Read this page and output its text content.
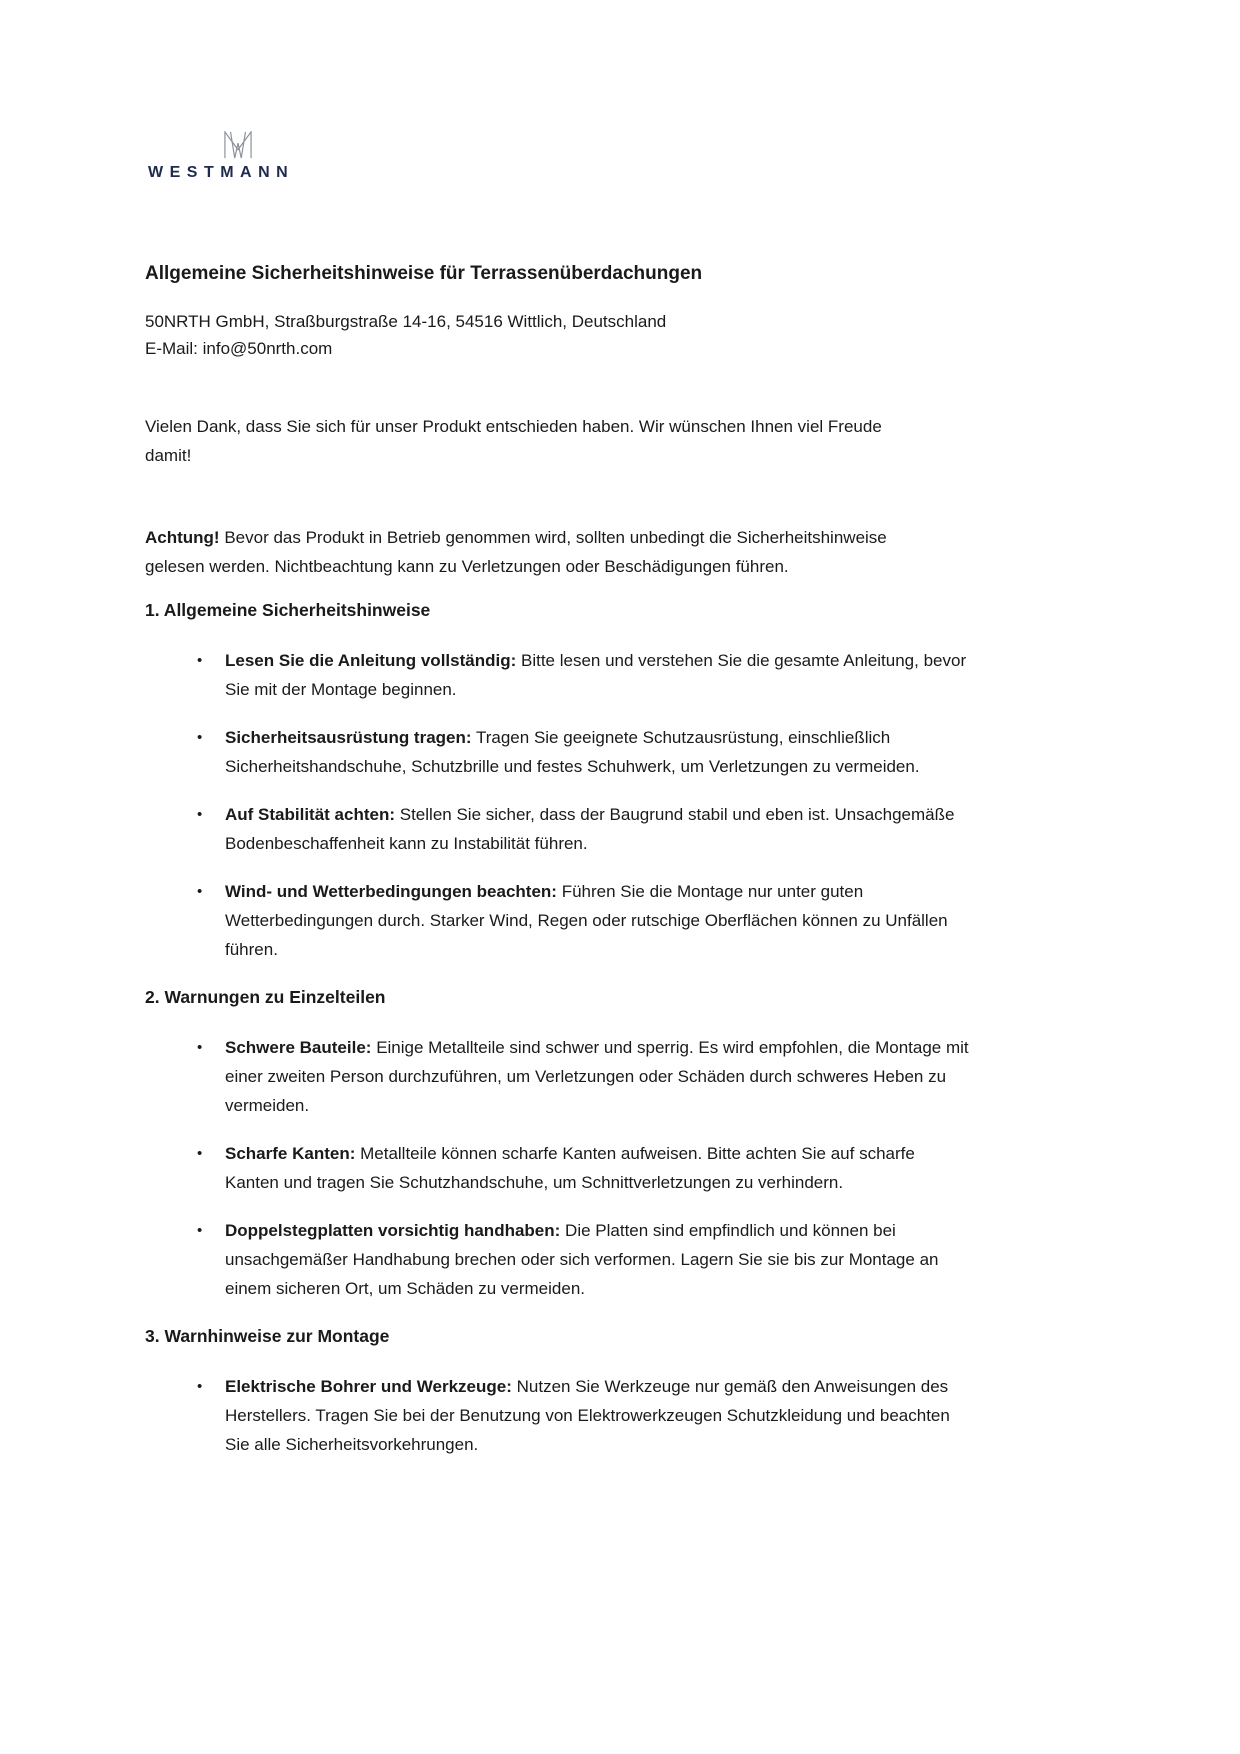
WESTMANN
Allgemeine Sicherheitshinweise für Terrassenüberdachungen
50NRTH GmbH, Straßburgstraße 14-16, 54516 Wittlich, Deutschland
E-Mail: info@50nrth.com

Vielen Dank, dass Sie sich für unser Produkt entschieden haben. Wir wünschen Ihnen viel Freude damit!

Achtung! Bevor das Produkt in Betrieb genommen wird, sollten unbedingt die Sicherheitshinweise gelesen werden. Nichtbeachtung kann zu Verletzungen oder Beschädigungen führen.

1. Allgemeine Sicherheitshinweise
• Lesen Sie die Anleitung vollständig: Bitte lesen und verstehen Sie die gesamte Anleitung, bevor Sie mit der Montage beginnen.
• Sicherheitsausrüstung tragen: Tragen Sie geeignete Schutzausrüstung, einschließlich Sicherheitshandschuhe, Schutzbrille und festes Schuhwerk, um Verletzungen zu vermeiden.
• Auf Stabilität achten: Stellen Sie sicher, dass der Baugrund stabil und eben ist. Unsachgemäße Bodenbeschaffenheit kann zu Instabilität führen.
• Wind- und Wetterbedingungen beachten: Führen Sie die Montage nur unter guten Wetterbedingungen durch. Starker Wind, Regen oder rutschige Oberflächen können zu Unfällen führen.
2. Warnungen zu Einzelteilen
• Schwere Bauteile: Einige Metallteile sind schwer und sperrig. Es wird empfohlen, die Montage mit einer zweiten Person durchzuführen, um Verletzungen oder Schäden durch schweres Heben zu vermeiden.
• Scharfe Kanten: Metallteile können scharfe Kanten aufweisen. Bitte achten Sie auf scharfe Kanten und tragen Sie Schutzhandschuhe, um Schnittverletzungen zu verhindern.
• Doppelstegplatten vorsichtig handhaben: Die Platten sind empfindlich und können bei unsachgemäßer Handhabung brechen oder sich verformen. Lagern Sie sie bis zur Montage an einem sicheren Ort, um Schäden zu vermeiden.
3. Warnhinweise zur Montage
• Elektrische Bohrer und Werkzeuge: Nutzen Sie Werkzeuge nur gemäß den Anweisungen des Herstellers. Tragen Sie bei der Benutzung von Elektrowerkzeugen Schutzkleidung und beachten Sie alle Sicherheitsvorkehrungen.
